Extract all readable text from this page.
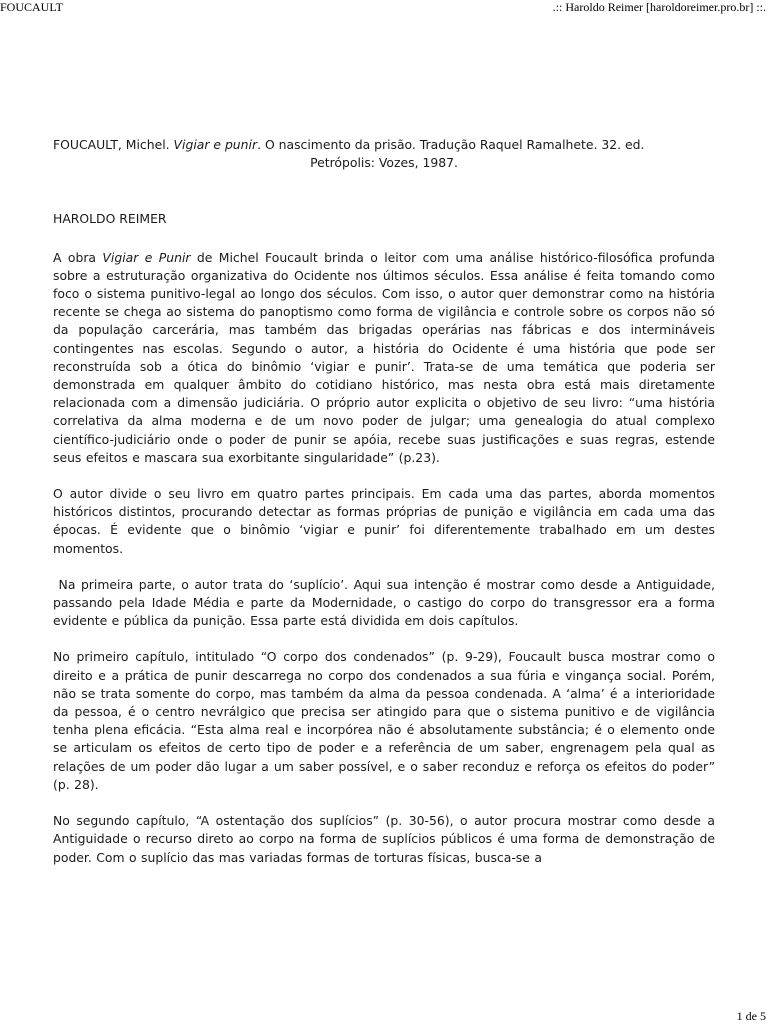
FOUCAULT	.:: Haroldo Reimer [haroldoreimer.pro.br] ::.
FOUCAULT, Michel. Vigiar e punir. O nascimento da prisão. Tradução Raquel Ramalhete. 32. ed.
Petrópolis: Vozes, 1987.
HAROLDO REIMER

A obra Vigiar e Punir de Michel Foucault brinda o leitor com uma análise histórico-filosófica profunda sobre a estruturação organizativa do Ocidente nos últimos séculos. Essa análise é feita tomando como foco o sistema punitivo-legal ao longo dos séculos. Com isso, o autor quer demonstrar como na história recente se chega ao sistema do panoptismo como forma de vigilância e controle sobre os corpos não só da população carcerária, mas também das brigadas operárias nas fábricas e dos intermináveis contingentes nas escolas. Segundo o autor, a história do Ocidente é uma história que pode ser reconstruída sob a ótica do binômio ‘vigiar e punir’. Trata-se de uma temática que poderia ser demonstrada em qualquer âmbito do cotidiano histórico, mas nesta obra está mais diretamente relacionada com a dimensão judiciária. O próprio autor explicita o objetivo de seu livro: “uma história correlativa da alma moderna e de um novo poder de julgar; uma genealogia do atual complexo científico-judiciário onde o poder de punir se apóia, recebe suas justificações e suas regras, estende seus efeitos e mascara sua exorbitante singularidade” (p.23).

O autor divide o seu livro em quatro partes principais. Em cada uma das partes, aborda momentos históricos distintos, procurando detectar as formas próprias de punição e vigilância em cada uma das épocas. É evidente que o binômio ‘vigiar e punir’ foi diferentemente trabalhado em um destes momentos.

Na primeira parte, o autor trata do ‘suplício’. Aqui sua intenção é mostrar como desde a Antiguidade, passando pela Idade Média e parte da Modernidade, o castigo do corpo do transgressor era a forma evidente e pública da punição. Essa parte está dividida em dois capítulos.

No primeiro capítulo, intitulado “O corpo dos condenados” (p. 9-29), Foucault busca mostrar como o direito e a prática de punir descarrega no corpo dos condenados a sua fúria e vingança social. Porém, não se trata somente do corpo, mas também da alma da pessoa condenada. A ‘alma’ é a interioridade da pessoa, é o centro nevrálgico que precisa ser atingido para que o sistema punitivo e de vigilância tenha plena eficácia. “Esta alma real e incorpórea não é absolutamente substância; é o elemento onde se articulam os efeitos de certo tipo de poder e a referência de um saber, engrenagem pela qual as relações de um poder dão lugar a um saber possível, e o saber reconduz e reforça os efeitos do poder” (p. 28).

No segundo capítulo, “A ostentação dos suplícios” (p. 30-56), o autor procura mostrar como desde a Antiguidade o recurso direto ao corpo na forma de suplícios públicos é uma forma de demonstração de poder. Com o suplício das mas variadas formas de torturas físicas, busca-se a

1 de 5
